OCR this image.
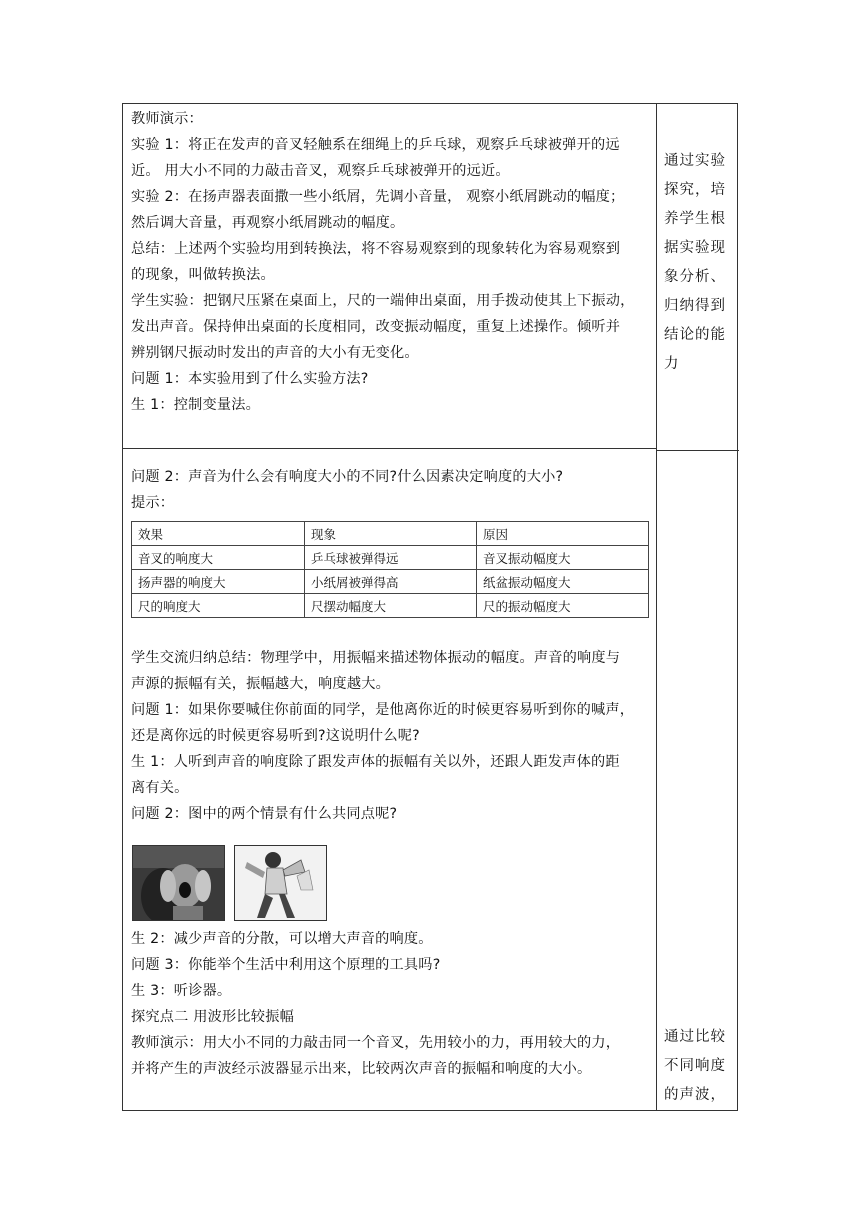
教师演示：
实验 1：将正在发声的音叉轻触系在细绳上的乒乓球，观察乒乓球被弹开的远
近。 用大小不同的力敲击音叉，观察乒乓球被弹开的远近。
实验 2：在扬声器表面撒一些小纸屑，先调小音量， 观察小纸屑跳动的幅度；
然后调大音量，再观察小纸屑跳动的幅度。
总结：上述两个实验均用到转换法，将不容易观察到的现象转化为容易观察到
的现象，叫做转换法。
学生实验：把钢尺压紧在桌面上，尺的一端伸出桌面，用手拨动使其上下振动，
发出声音。保持伸出桌面的长度相同，改变振动幅度，重复上述操作。倾听并
辨别钢尺振动时发出的声音的大小有无变化。
问题 1：本实验用到了什么实验方法?
生 1：控制变量法。
通过实验
探究，培
养学生根
据实验现
象分析、
归纳得到
结论的能
力
问题 2：声音为什么会有响度大小的不同?什么因素决定响度的大小?
提示：
效果	现象	原因
音叉的响度大	乒乓球被弹得远	音叉振动幅度大
扬声器的响度大	小纸屑被弹得高	纸盆振动幅度大
尺的响度大	尺摆动幅度大	尺的振动幅度大
学生交流归纳总结：物理学中，用振幅来描述物体振动的幅度。声音的响度与
声源的振幅有关，振幅越大，响度越大。
问题 1：如果你要喊住你前面的同学，是他离你近的时候更容易听到你的喊声，
还是离你远的时候更容易听到?这说明什么呢?
生 1：人听到声音的响度除了跟发声体的振幅有关以外，还跟人距发声体的距
离有关。
问题 2：图中的两个情景有什么共同点呢?
生 2：减少声音的分散，可以增大声音的响度。
问题 3：你能举个生活中利用这个原理的工具吗?
生 3：听诊器。
探究点二 用波形比较振幅
教师演示：用大小不同的力敲击同一个音叉，先用较小的力，再用较大的力，
并将产生的声波经示波器显示出来，比较两次声音的振幅和响度的大小。
通过比较
不同响度
的声波，
